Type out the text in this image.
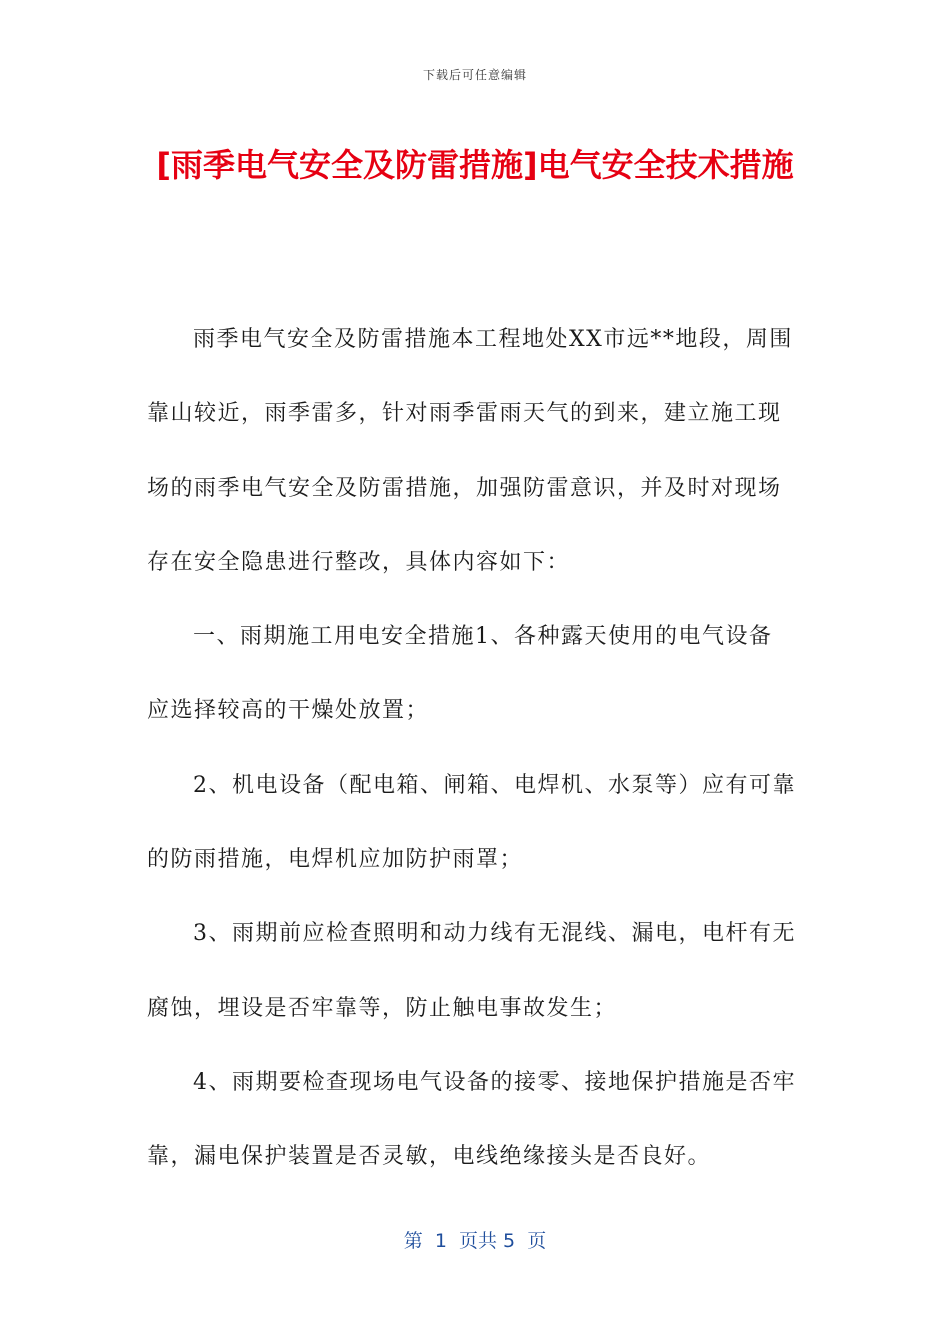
下载后可任意编辑
[雨季电气安全及防雷措施]电气安全技术措施
雨季电气安全及防雷措施本工程地处XX市远**地段，周围
靠山较近，雨季雷多，针对雨季雷雨天气的到来，建立施工现
场的雨季电气安全及防雷措施，加强防雷意识，并及时对现场
存在安全隐患进行整改，具体内容如下：
一、雨期施工用电安全措施1、各种露天使用的电气设备
应选择较高的干燥处放置；
2、机电设备（配电箱、闸箱、电焊机、水泵等）应有可靠
的防雨措施，电焊机应加防护雨罩；
3、雨期前应检查照明和动力线有无混线、漏电，电杆有无
腐蚀，埋设是否牢靠等，防止触电事故发生；
4、雨期要检查现场电气设备的接零、接地保护措施是否牢
靠，漏电保护装置是否灵敏，电线绝缘接头是否良好。
第  1  页共 5  页
